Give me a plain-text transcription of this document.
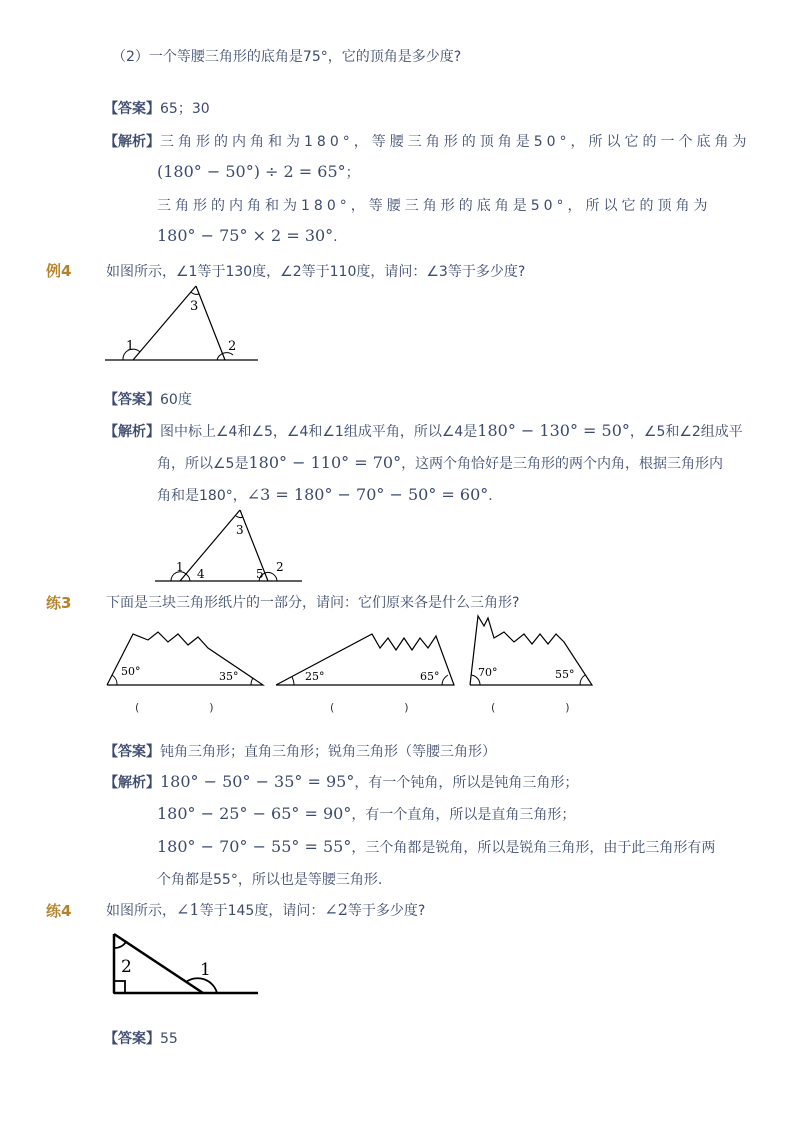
（2）一个等腰三角形的底角是75°，它的顶角是多少度?
【答案】65；30
【解析】三角形的内角和为180°，等腰三角形的顶角是50°，所以它的一个底角为
(180° − 50°) ÷ 2 = 65°；
三角形的内角和为180°，等腰三角形的底角是50°，所以它的顶角为
180° − 75° × 2 = 30°.
例4 如图所示，∠1等于130度，∠2等于110度，请问：∠3等于多少度?
1	2
3
【答案】60度
【解析】图中标上∠4和∠5，∠4和∠1组成平角，所以∠4是180° − 130° = 50°，∠5和∠2组成平
角，所以∠5是180° − 110° = 70°，这两个角恰好是三角形的两个内角，根据三角形内
角和是180°，∠3 = 180° − 70° − 50° = 60°.
1 4	5 2
3
练3 下面是三块三角形纸片的一部分，请问：它们原来各是什么三角形?
50°	35°	25°	65°	70°	55°
(                    )	(                    )	(                    )
【答案】钝角三角形；直角三角形；锐角三角形（等腰三角形）
【解析】180° − 50° − 35° = 95°，有一个钝角，所以是钝角三角形；
180° − 25° − 65° = 90°，有一个直角，所以是直角三角形；
180° − 70° − 55° = 55°，三个角都是锐角，所以是锐角三角形，由于此三角形有两
个角都是55°，所以也是等腰三角形.
练4 如图所示，∠1等于145度，请问：∠2等于多少度?
2	1
【答案】55
